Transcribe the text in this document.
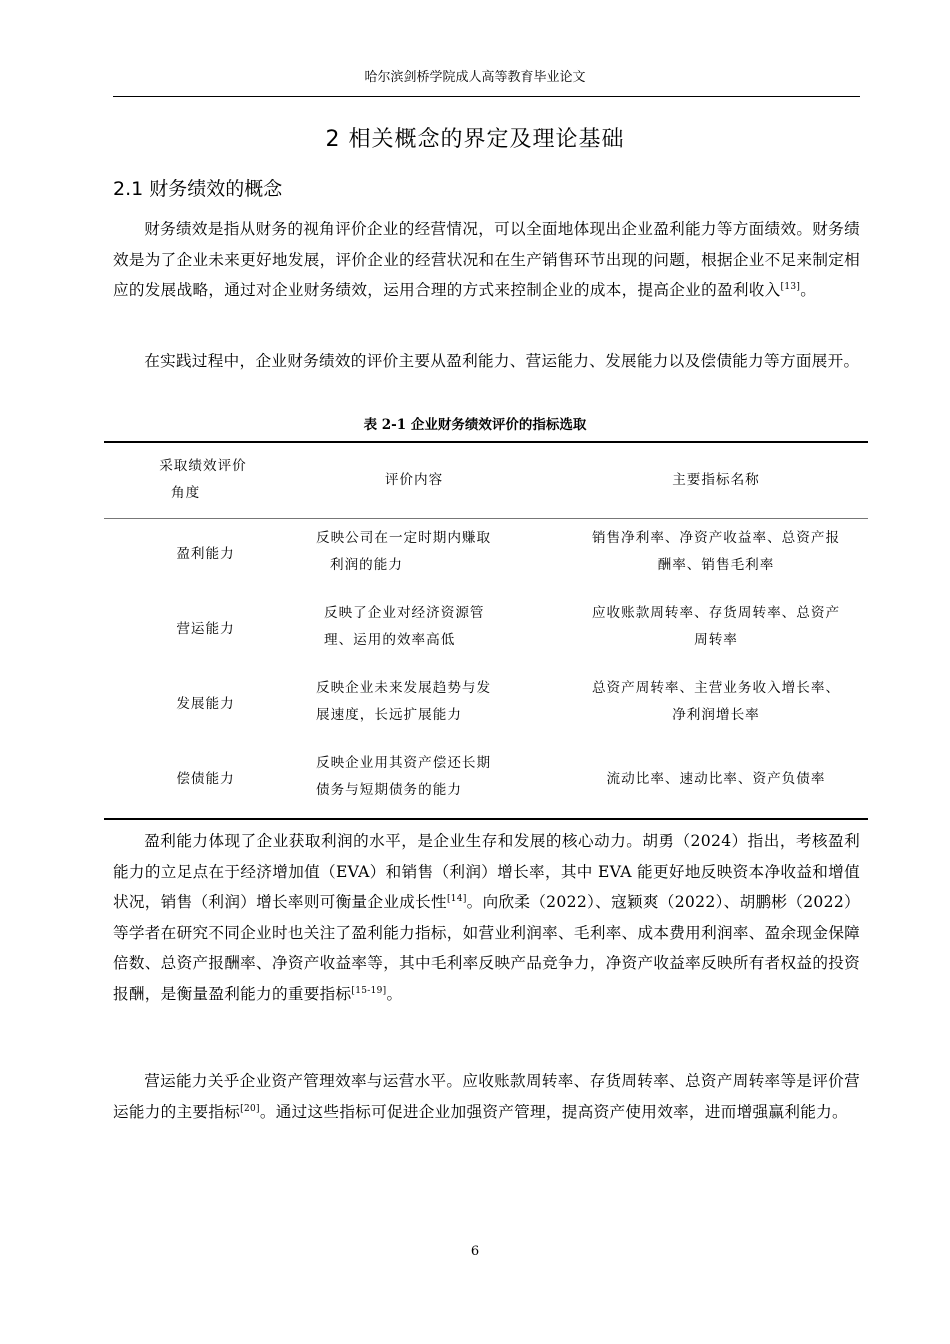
哈尔滨剑桥学院成人高等教育毕业论文
2 相关概念的界定及理论基础
2.1 财务绩效的概念

财务绩效是指从财务的视角评价企业的经营情况，可以全面地体现出企业盈利能力等方面绩效。财务绩效是为了企业未来更好地发展，评价企业的经营状况和在生产销售环节出现的问题，根据企业不足来制定相应的发展战略，通过对企业财务绩效，运用合理的方式来控制企业的成本，提高企业的盈利收入[13]。

在实践过程中，企业财务绩效的评价主要从盈利能力、营运能力、发展能力以及偿债能力等方面展开。

表 2-1 企业财务绩效评价的指标选取
采取绩效评价
角度
评价内容	主要指标名称
盈利能力
反映公司在一定时期内赚取
利润的能力
销售净利率、净资产收益率、总资产报
酬率、销售毛利率
营运能力
反映了企业对经济资源管
理、运用的效率高低
应收账款周转率、存货周转率、总资产
周转率
发展能力
反映企业未来发展趋势与发
展速度，长远扩展能力
总资产周转率、主营业务收入增长率、
净利润增长率
偿债能力
反映企业用其资产偿还长期
债务与短期债务的能力
流动比率、速动比率、资产负债率

盈利能力体现了企业获取利润的水平，是企业生存和发展的核心动力。胡勇（2024）指出，考核盈利能力的立足点在于经济增加值（EVA）和销售（利润）增长率，其中 EVA 能更好地反映资本净收益和增值状况，销售（利润）增长率则可衡量企业成长性[14]。向欣柔（2022）、寇颖爽（2022）、胡鹏彬（2022）等学者在研究不同企业时也关注了盈利能力指标，如营业利润率、毛利率、成本费用利润率、盈余现金保障倍数、总资产报酬率、净资产收益率等，其中毛利率反映产品竞争力，净资产收益率反映所有者权益的投资报酬，是衡量盈利能力的重要指标[15-19]。

营运能力关乎企业资产管理效率与运营水平。应收账款周转率、存货周转率、总资产周转率等是评价营运能力的主要指标[20]。通过这些指标可促进企业加强资产管理，提高资产使用效率，进而增强赢利能力。

6
